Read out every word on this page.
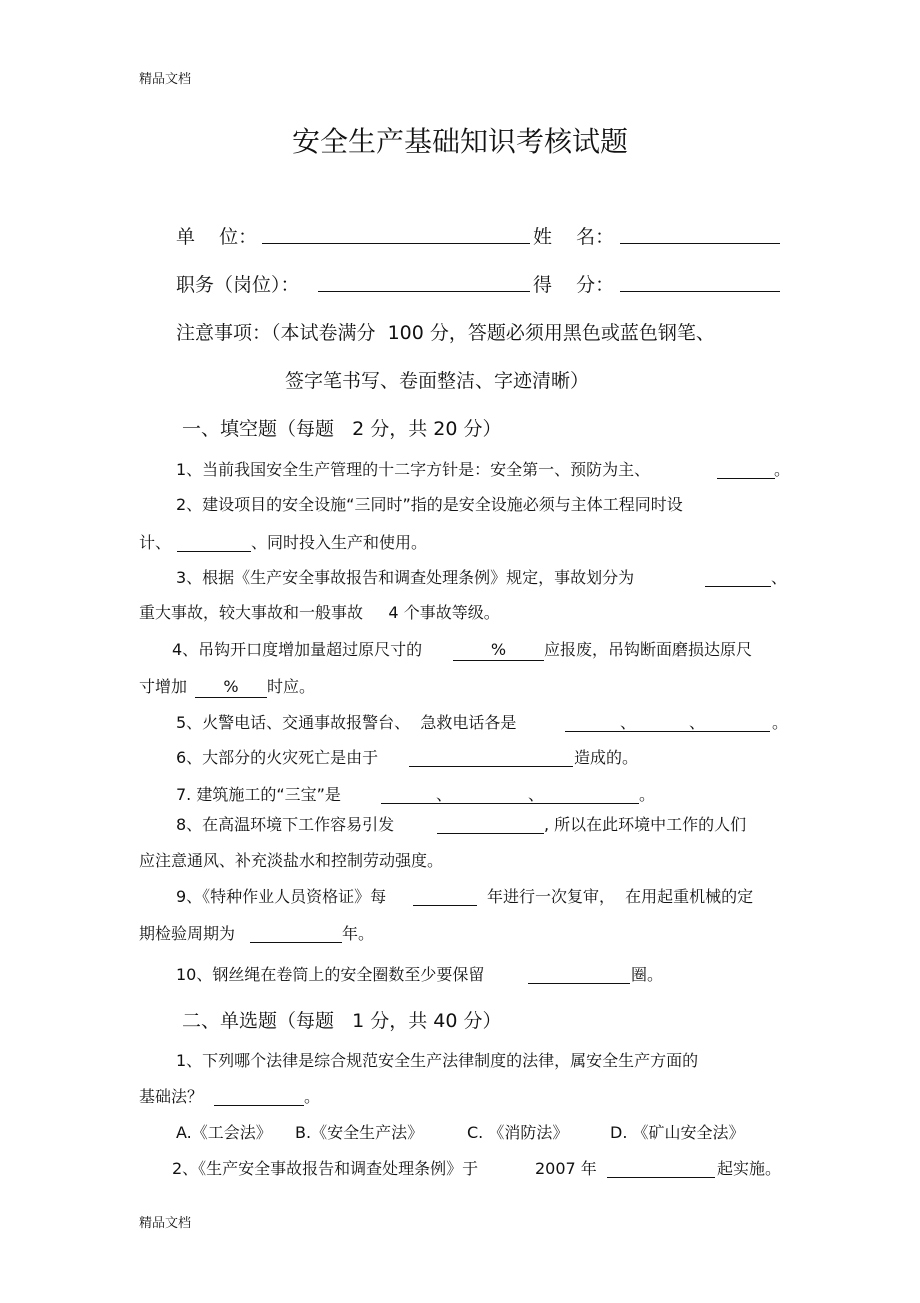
精品文档
精品文档
安全生产基础知识考核试题
单    位：	姓    名：
职务（岗位）：	得    分：
注意事项：（本试卷满分  100 分，答题必须用黑色或蓝色钢笔、
签字笔书写、卷面整洁、字迹清晰）
一、填空题（每题   2 分，共 20 分）
1、当前我国安全生产管理的十二字方针是：安全第一、预防为主、	。
2、建设项目的安全设施“三同时”指的是安全设施必须与主体工程同时设
计、	、同时投入生产和使用。
3、根据《生产安全事故报告和调查处理条例》规定，事故划分为	、
重大事故，较大事故和一般事故     4 个事故等级。
4、吊钩开口度增加量超过原尺寸的	%	应报废，吊钩断面磨损达原尺
寸增加	%	时应。
5、火警电话、交通事故报警台、  急救电话各是	、	、	。
6、大部分的火灾死亡是由于	造成的。
7. 建筑施工的“三宝”是	、	、	。
8、在高温环境下工作容易引发	, 所以在此环境中工作的人们
应注意通风、补充淡盐水和控制劳动强度。
9、《特种作业人员资格证》每	年进行一次复审，  在用起重机械的定
期检验周期为	年。
10、钢丝绳在卷筒上的安全圈数至少要保留	圈。
二、单选题（每题   1 分，共 40 分）
1、下列哪个法律是综合规范安全生产法律制度的法律，属安全生产方面的
基础法？	。
A.《工会法》 B.《安全生产法》	C. 《消防法》	D. 《矿山安全法》
2、《生产安全事故报告和调查处理条例》于	2007 年	起实施。
